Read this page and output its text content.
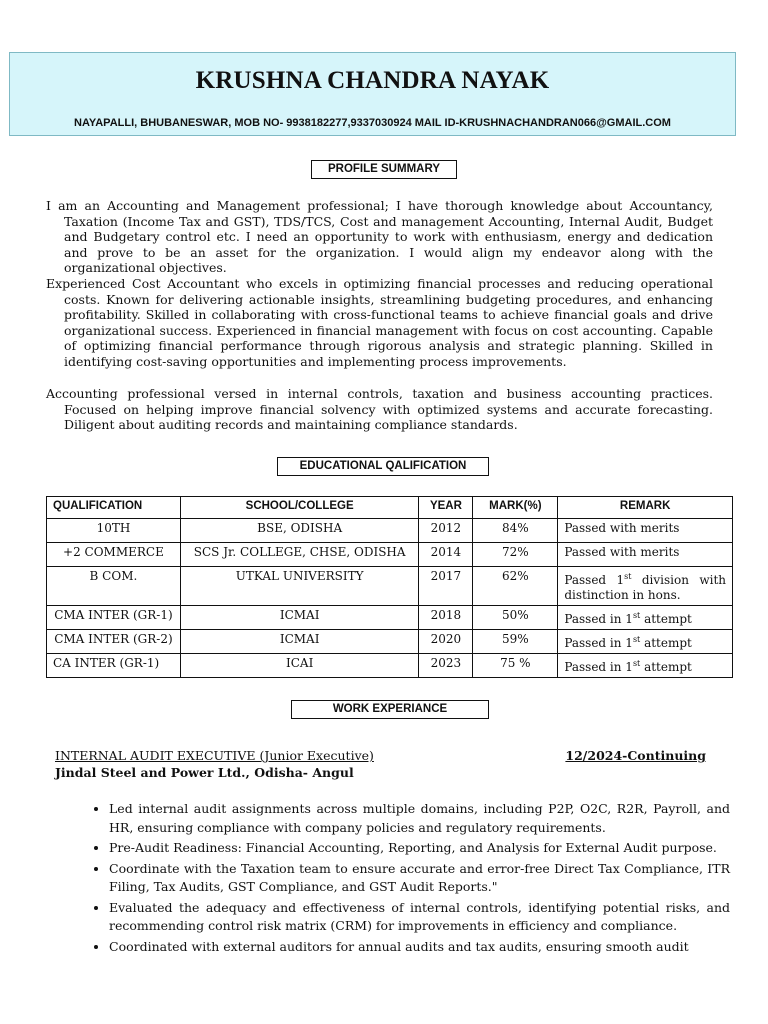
KRUSHNA CHANDRA NAYAK
NAYAPALLI, BHUBANESWAR, MOB NO- 9938182277,9337030924 MAIL ID-KRUSHNACHANDRAN066@GMAIL.COM
PROFILE SUMMARY
I am an Accounting and Management professional; I have thorough knowledge about Accountancy, Taxation (Income Tax and GST), TDS/TCS, Cost and management Accounting, Internal Audit, Budget and Budgetary control etc. I need an opportunity to work with enthusiasm, energy and dedication and prove to be an asset for the organization. I would align my endeavor along with the organizational objectives.
Experienced Cost Accountant who excels in optimizing financial processes and reducing operational costs. Known for delivering actionable insights, streamlining budgeting procedures, and enhancing profitability. Skilled in collaborating with cross-functional teams to achieve financial goals and drive organizational success. Experienced in financial management with focus on cost accounting. Capable of optimizing financial performance through rigorous analysis and strategic planning. Skilled in identifying cost-saving opportunities and implementing process improvements.
Accounting professional versed in internal controls, taxation and business accounting practices. Focused on helping improve financial solvency with optimized systems and accurate forecasting. Diligent about auditing records and maintaining compliance standards.
EDUCATIONAL QALIFICATION
QUALIFICATION	SCHOOL/COLLEGE	YEAR	MARK(%)	REMARK
10TH	BSE, ODISHA	2012	84%	Passed with merits
+2 COMMERCE	SCS Jr. COLLEGE, CHSE, ODISHA	2014	72%	Passed with merits
B COM.	UTKAL UNIVERSITY	2017	62%	Passed 1st division with distinction in hons.
CMA INTER (GR-1)	ICMAI	2018	50%	Passed in 1st attempt
CMA INTER (GR-2)	ICMAI	2020	59%	Passed in 1st attempt
CA INTER (GR-1)	ICAI	2023	75 %	Passed in 1st attempt
WORK EXPERIANCE
INTERNAL AUDIT EXECUTIVE (Junior Executive)	12/2024-Continuing
Jindal Steel and Power Ltd., Odisha- Angul
• Led internal audit assignments across multiple domains, including P2P, O2C, R2R, Payroll, and HR, ensuring compliance with company policies and regulatory requirements.
• Pre-Audit Readiness: Financial Accounting, Reporting, and Analysis for External Audit purpose.
• Coordinate with the Taxation team to ensure accurate and error-free Direct Tax Compliance, ITR Filing, Tax Audits, GST Compliance, and GST Audit Reports."
• Evaluated the adequacy and effectiveness of internal controls, identifying potential risks, and recommending control risk matrix (CRM) for improvements in efficiency and compliance.
• Coordinated with external auditors for annual audits and tax audits, ensuring smooth audit
